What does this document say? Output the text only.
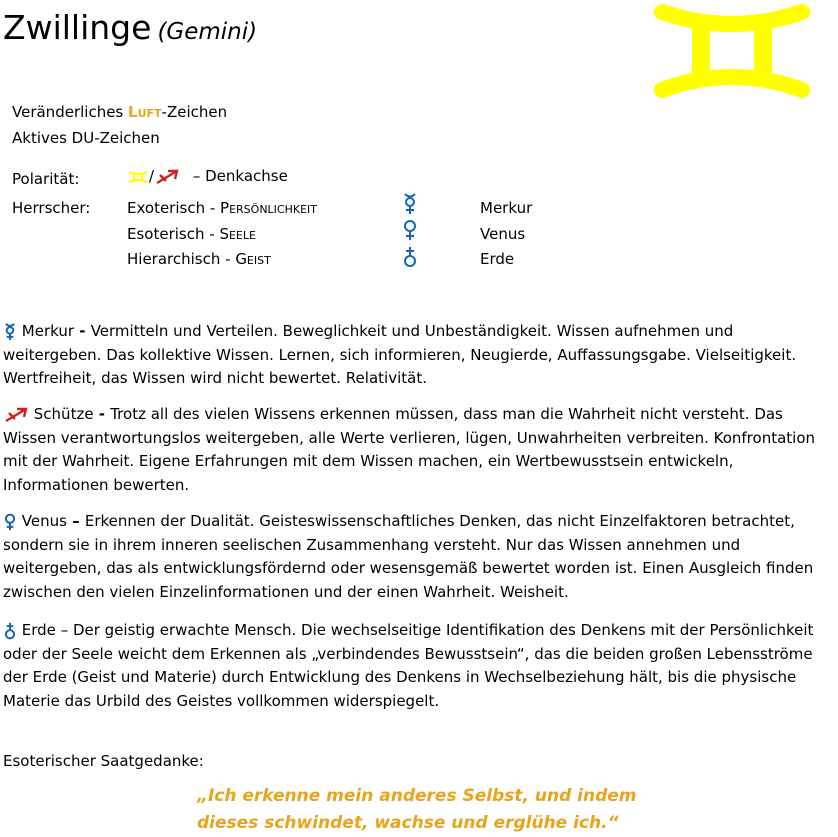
Zwillinge (Gemini)
Veränderliches Luft-Zeichen
Aktives DU-Zeichen
Polarität:	/	– Denkachse
Herrscher: Exoterisch - Persönlichkeit	Merkur
Esoterisch - Seele	Venus
Hierarchisch - Geist	Erde

Merkur - Vermitteln und Verteilen. Beweglichkeit und Unbeständigkeit. Wissen aufnehmen und weitergeben. Das kollektive Wissen. Lernen, sich informieren, Neugierde, Auffassungsgabe. Vielseitigkeit. Wertfreiheit, das Wissen wird nicht bewertet. Relativität.

Schütze - Trotz all des vielen Wissens erkennen müssen, dass man die Wahrheit nicht versteht. Das Wissen verantwortungslos weitergeben, alle Werte verlieren, lügen, Unwahrheiten verbreiten. Konfrontation mit der Wahrheit. Eigene Erfahrungen mit dem Wissen machen, ein Wertbewusstsein entwickeln, Informationen bewerten.

Venus – Erkennen der Dualität. Geisteswissenschaftliches Denken, das nicht Einzelfaktoren betrachtet, sondern sie in ihrem inneren seelischen Zusammenhang versteht. Nur das Wissen annehmen und weitergeben, das als entwicklungsfördernd oder wesensgemäß bewertet worden ist. Einen Ausgleich finden zwischen den vielen Einzelinformationen und der einen Wahrheit. Weisheit.

Erde – Der geistig erwachte Mensch. Die wechselseitige Identifikation des Denkens mit der Persönlichkeit oder der Seele weicht dem Erkennen als „verbindendes Bewusstsein“, das die beiden großen Lebensströme der Erde (Geist und Materie) durch Entwicklung des Denkens in Wechselbeziehung hält, bis die physische Materie das Urbild des Geistes vollkommen widerspiegelt.

Esoterischer Saatgedanke:
„Ich erkenne mein anderes Selbst, und indem
dieses schwindet, wachse und erglühe ich.“
